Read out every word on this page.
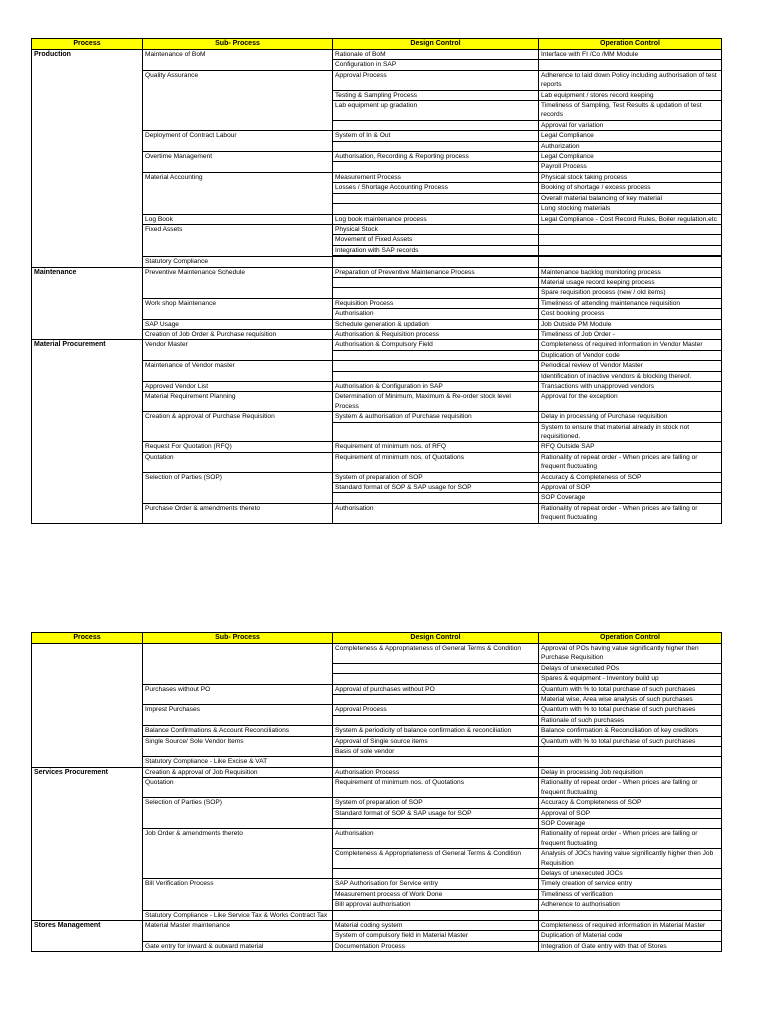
Process	Sub- Process	Design Control	Operation Control
Production	Maintenance of BoM	Rationale of BoM	Interface with FI /Co /MM Module
		Configuration in SAP	
	Quality Assurance	Approval Process	Adherence to laid down Policy including authorisation of test reports
		Testing & Sampling Process	Lab equipment / stores record keeping
		Lab equipment up gradation	Timeliness of Sampling, Test Results & updation of test records
			Approval for variation
	Deployment of Contract Labour	System of In & Out	Legal Compliance
			Authorization
	Overtime Management	Authorisation, Recording & Reporting process	Legal Compliance
			Payroll Process
	Material Accounting	Measurement Process	Physical stock taking process
		Losses / Shortage Accounting Process	Booking of shortage / excess process
			Overall material balancing of key material
			Long stocking materials
	Log Book	Log book maintenance process	Legal Compliance - Cost Record Rules, Boiler regulation.etc
	Fixed Assets	Physical Stock	
		Movement of Fixed Assets	
		Integration with SAP records	

	Statutory Compliance		
Maintenance	Preventive Maintenance Schedule	Preparation of Preventive Maintenance Process	Maintenance backlog monitoring process
			Material usage record keeping process
			Spare requisition process (new / old items)
	Work shop Maintenance	Requisition Process	Timeliness of attending maintenance requisition
		Authorisation	Cost booking process
	SAP Usage	Schedule generation & updation	Job Outside PM Module
	Creation of Job Order & Purchase requisition	Authorisation & Requisition process	Timeliness of Job Order -
Material Procurement	Vendor Master	Authorisation & Compulsory Field	Completeness of required information in Vendor Master
			Duplication of Vendor code
	Maintenance of Vendor master		Periodical review of Vendor Master
			Identification of inactive vendors & blocking thereof.
	Approved Vendor List	Authorisation & Configuration in SAP	Transactions with unapproved vendors
	Material Requirement Planning	Determination of Minimum, Maximum & Re-order stock level Process	Approval for the exception
	Creation & approval of Purchase Requisition	System & authorisation of Purchase requisition	Delay in processing of Purchase requisition
			System to ensure that material already in stock not requisitioned.
	Request For Quotation (RFQ)	Requirement of minimum nos. of RFQ	RFQ Outside SAP
	Quotation	Requirement of minimum nos. of Quotations	Rationality of repeat order - When prices are falling or frequent fluctuating
	Selection of Parties (SOP)	System of preparation of SOP	Accuracy & Completeness of SOP
		Standard format of SOP & SAP usage for SOP	Approval of SOP
			SOP Coverage
	Purchase Order & amendments thereto	Authorisation	Rationality of repeat order - When prices are falling or frequent fluctuating
Process	Sub- Process	Design Control	Operation Control
		Completeness & Appropriateness of General Terms & Condition	Approval of POs having value significantly higher then Purchase Requisition
			Delays of unexecuted POs
			Spares & equipment - Inventory build up
	Purchases without PO	Approval of purchases without PO	Quantum with % to total purchase of such purchases
			Material wise, Area wise analysis of such purchases
	Imprest Purchases	Approval Process	Quantum with % to total purchase of such purchases
			Rationale of such purchases
	Balance Confirmations & Account Reconciliations	System & periodicity of balance confirmation & reconciliation	Balance confirmation & Reconciliation of key creditors
	Single Source/ Sole Vendor Items	Approval of Single source items	Quantum with % to total purchase of such purchases
		Basis of sole vendor	
	Statutory Compliance - Like Excise & VAT		
Services Procurement	Creation & approval of Job Requisition	Authorisation Process	Delay in processing Job requisition
	Quotation	Requirement of minimum nos. of Quotations	Rationality of repeat order - When prices are falling or frequent fluctuating
	Selection of Parties (SOP)	System of preparation of SOP	Accuracy & Completeness of SOP
		Standard format of SOP & SAP usage for SOP	Approval of SOP
			SOP Coverage
	Job Order & amendments thereto	Authorisation	Rationality of repeat order - When prices are falling or frequent fluctuating
		Completeness & Appropriateness of General Terms & Condition	Analysis of JOCs having value significantly higher then Job Requisition
			Delays of unexecuted JOCs
	Bill Verification Process	SAP Authorisation for Service entry	Timely creation of service entry
		Measurement process of Work Done	Timeliness of verification
		Bill approval authorisation	Adherence to authorisation
	Statutory Compliance - Like Service Tax & Works Contract Tax		
Stores Management	Material Master maintenance	Material coding system	Completeness of required information in Material Master
		System of compulsory field in Material Master	Duplication of Material code
	Gate entry for inward & outward material	Documentation Process	Integration of Gate entry with that of Stores
